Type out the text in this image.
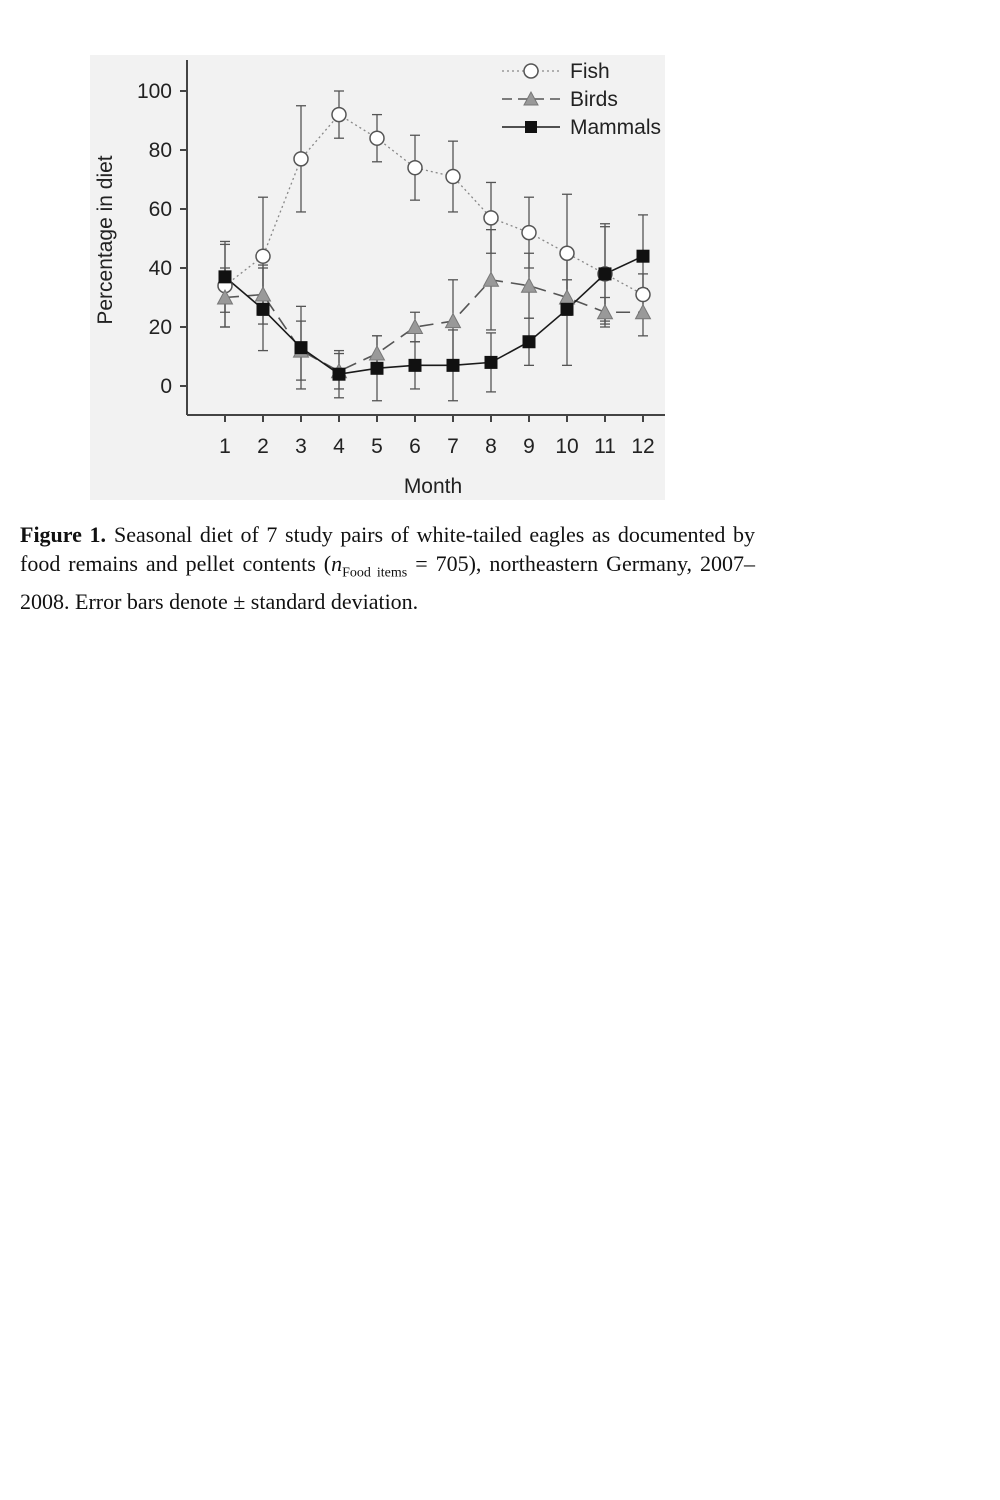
0
20
40
60
80
100
1 2 3 4 5 6 7 8 9 10 11 12
Month
Percentage in diet
Fish
Birds
Mammals
Figure 1. Seasonal diet of 7 study pairs of white-tailed eagles as documented by food remains and pellet contents $(n_{Food items} = 705)$, northeastern Germany, 2007–2008. Error bars denote ± standard deviation.
